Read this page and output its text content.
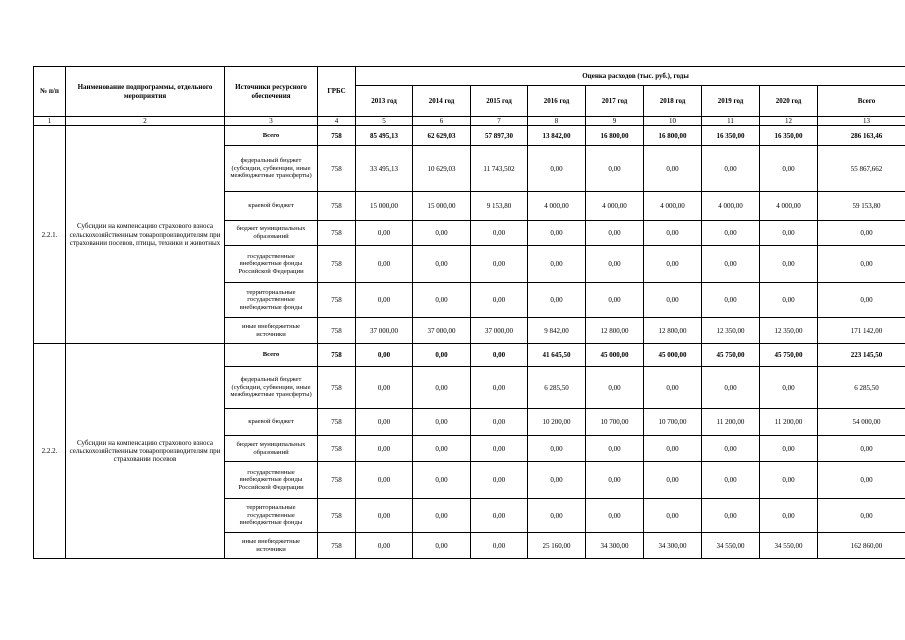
№ п/п	Наименование подпрограммы, отдельного мероприятия	Источники ресурсного обеспечения	ГРБС	Оценка расходов (тыс. руб.), годы								
				2013 год	2014 год	2015 год	2016 год	2017 год	2018 год	2019 год	2020 год	Всего
1	2	3	4	5	6	7	8	9	10	11	12	13
2.2.1.	Субсидии на компенсацию страхового взноса сельскохозяйственным товаропроизводителям при страховании посевов, птицы, техники и животных	Всего	758	85 495,13	62 629,03	57 897,30	13 842,00	16 800,00	16 800,00	16 350,00	16 350,00	286 163,46
		федеральный бюджет (субсидии, субвенции, иные межбюджетные трансферты)	758	33 495,13	10 629,03	11 743,502	0,00	0,00	0,00	0,00	0,00	55 867,662
		краевой бюджет	758	15 000,00	15 000,00	9 153,80	4 000,00	4 000,00	4 000,00	4 000,00	4 000,00	59 153,80
		бюджет муниципальных образований	758	0,00	0,00	0,00	0,00	0,00	0,00	0,00	0,00	0,00
		государственные внебюджетные фонды Российской Федерации	758	0,00	0,00	0,00	0,00	0,00	0,00	0,00	0,00	0,00
		территориальные государственные внебюджетные фонды	758	0,00	0,00	0,00	0,00	0,00	0,00	0,00	0,00	0,00
		иные внебюджетные источники	758	37 000,00	37 000,00	37 000,00	9 842,00	12 800,00	12 800,00	12 350,00	12 350,00	171 142,00
2.2.2.	Субсидии на компенсацию страхового взноса сельскохозяйственным товаропроизводителям при страховании посевов	Всего	758	0,00	0,00	0,00	41 645,50	45 000,00	45 000,00	45 750,00	45 750,00	223 145,50
		федеральный бюджет (субсидии, субвенции, иные межбюджетные трансферты)	758	0,00	0,00	0,00	6 285,50	0,00	0,00	0,00	0,00	6 285,50
		краевой бюджет	758	0,00	0,00	0,00	10 200,00	10 700,00	10 700,00	11 200,00	11 200,00	54 000,00
		бюджет муниципальных образований	758	0,00	0,00	0,00	0,00	0,00	0,00	0,00	0,00	0,00
		государственные внебюджетные фонды Российской Федерации	758	0,00	0,00	0,00	0,00	0,00	0,00	0,00	0,00	0,00
		территориальные государственные внебюджетные фонды	758	0,00	0,00	0,00	0,00	0,00	0,00	0,00	0,00	0,00
		иные внебюджетные источники	758	0,00	0,00	0,00	25 160,00	34 300,00	34 300,00	34 550,00	34 550,00	162 860,00
